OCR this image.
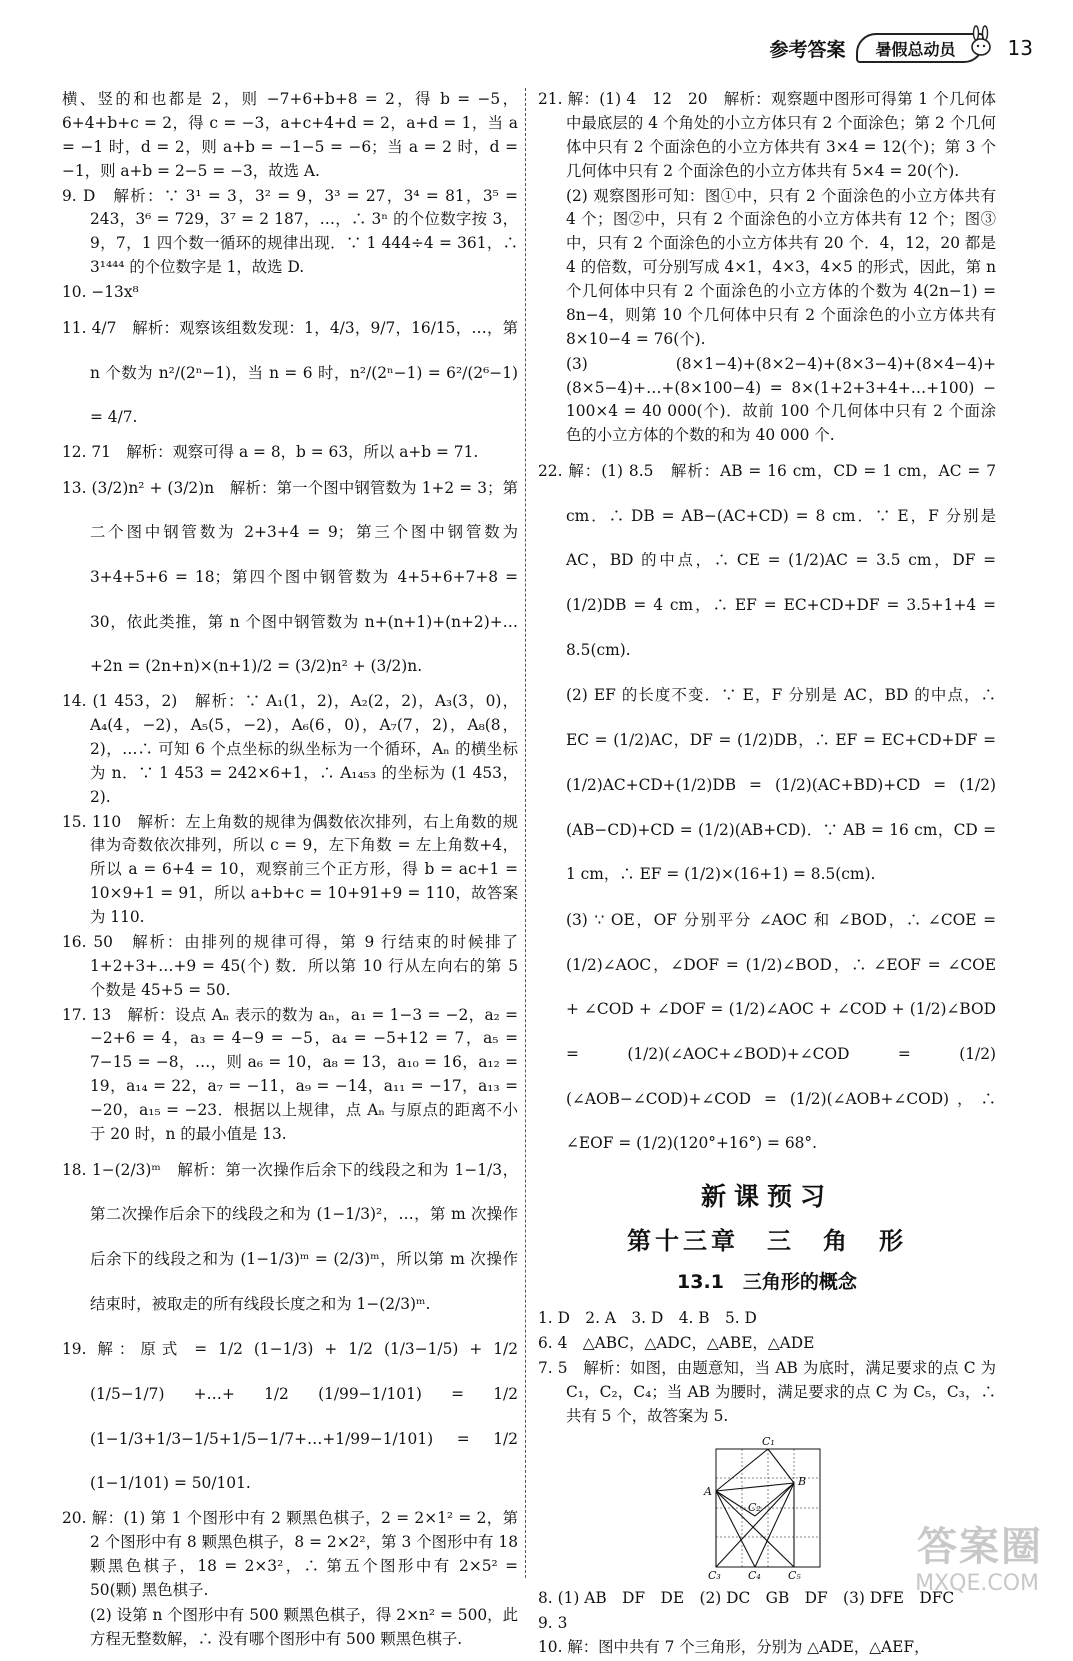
参考答案 暑假总动员	13

横、竖的和也都是 2，则 −7+6+b+8 = 2，得 b = −5，6+4+b+c = 2，得 c = −3，a+c+4+d = 2，a+d = 1，当 a = −1 时，d = 2，则 a+b = −1−5 = −6；当 a = 2 时，d = −1，则 a+b = 2−5 = −3，故选 A.

9. D　解析：∵ 3¹ = 3，3² = 9，3³ = 27，3⁴ = 81，3⁵ = 243，3⁶ = 729，3⁷ = 2 187，…，∴ 3ⁿ 的个位数字按 3，9，7，1 四个数一循环的规律出现．∵ 1 444÷4 = 361，∴ 3¹⁴⁴⁴ 的个位数字是 1，故选 D.

10. −13x⁸

11. 4/7　解析：观察该组数发现：1，4/3，9/7，16/15，…，第 n 个数为 n²/(2ⁿ−1)，当 n = 6 时，n²/(2ⁿ−1) = 6²/(2⁶−1) = 4/7.

12. 71　解析：观察可得 a = 8，b = 63，所以 a+b = 71.

13. (3/2)n² + (3/2)n　解析：第一个图中钢管数为 1+2 = 3；第二个图中钢管数为 2+3+4 = 9；第三个图中钢管数为 3+4+5+6 = 18；第四个图中钢管数为 4+5+6+7+8 = 30，依此类推，第 n 个图中钢管数为 n+(n+1)+(n+2)+…+2n = (2n+n)×(n+1)/2 = (3/2)n² + (3/2)n.

14. (1 453，2)　解析：∵ A₁(1，2)，A₂(2，2)，A₃(3，0)，A₄(4，−2)，A₅(5，−2)，A₆(6，0)，A₇(7，2)，A₈(8，2)，…∴ 可知 6 个点坐标的纵坐标为一个循环，Aₙ 的横坐标为 n．∵ 1 453 = 242×6+1，∴ A₁₄₅₃ 的坐标为 (1 453，2).

15. 110　解析：左上角数的规律为偶数依次排列，右上角数的规律为奇数依次排列，所以 c = 9，左下角数 = 左上角数+4，所以 a = 6+4 = 10，观察前三个正方形，得 b = ac+1 = 10×9+1 = 91，所以 a+b+c = 10+91+9 = 110，故答案为 110.

16. 50　解析：由排列的规律可得，第 9 行结束的时候排了 1+2+3+…+9 = 45(个) 数．所以第 10 行从左向右的第 5 个数是 45+5 = 50.

17. 13　解析：设点 Aₙ 表示的数为 aₙ，a₁ = 1−3 = −2，a₂ = −2+6 = 4，a₃ = 4−9 = −5，a₄ = −5+12 = 7，a₅ = 7−15 = −8，…，则 a₆ = 10，a₈ = 13，a₁₀ = 16，a₁₂ = 19，a₁₄ = 22，a₇ = −11，a₉ = −14，a₁₁ = −17，a₁₃ = −20，a₁₅ = −23．根据以上规律，点 Aₙ 与原点的距离不小于 20 时，n 的最小值是 13.

18. 1−(2/3)ᵐ　解析：第一次操作后余下的线段之和为 1−1/3，第二次操作后余下的线段之和为 (1−1/3)²，…，第 m 次操作后余下的线段之和为 (1−1/3)ᵐ = (2/3)ᵐ，所以第 m 次操作结束时，被取走的所有线段长度之和为 1−(2/3)ᵐ.

19. 解：原式 = 1/2 (1−1/3) + 1/2 (1/3−1/5) + 1/2 (1/5−1/7) +…+ 1/2 (1/99−1/101) = 1/2 (1−1/3+1/3−1/5+1/5−1/7+…+1/99−1/101) = 1/2 (1−1/101) = 50/101.

20. 解：(1) 第 1 个图形中有 2 颗黑色棋子，2 = 2×1² = 2，第 2 个图形中有 8 颗黑色棋子，8 = 2×2²，第 3 个图形中有 18 颗黑色棋子，18 = 2×3²，∴ 第五个图形中有 2×5² = 50(颗) 黑色棋子.

(2) 设第 n 个图形中有 500 颗黑色棋子，得 2×n² = 500，此方程无整数解，∴ 没有哪个图形中有 500 颗黑色棋子.

21. 解：(1) 4　12　20　解析：观察题中图形可得第 1 个几何体中最底层的 4 个角处的小立方体只有 2 个面涂色；第 2 个几何体中只有 2 个面涂色的小立方体共有 3×4 = 12(个)；第 3 个几何体中只有 2 个面涂色的小立方体共有 5×4 = 20(个).

(2) 观察图形可知：图①中，只有 2 个面涂色的小立方体共有 4 个；图②中，只有 2 个面涂色的小立方体共有 12 个；图③中，只有 2 个面涂色的小立方体共有 20 个．4，12，20 都是 4 的倍数，可分别写成 4×1，4×3，4×5 的形式，因此，第 n 个几何体中只有 2 个面涂色的小立方体的个数为 4(2n−1) = 8n−4，则第 10 个几何体中只有 2 个面涂色的小立方体共有 8×10−4 = 76(个).

(3) (8×1−4)+(8×2−4)+(8×3−4)+(8×4−4)+(8×5−4)+…+(8×100−4) = 8×(1+2+3+4+…+100) − 100×4 = 40 000(个)．故前 100 个几何体中只有 2 个面涂色的小立方体的个数的和为 40 000 个.

22. 解：(1) 8.5　解析：AB = 16 cm，CD = 1 cm，AC = 7 cm．∴ DB = AB−(AC+CD) = 8 cm．∵ E，F 分别是 AC，BD 的中点，∴ CE = (1/2)AC = 3.5 cm，DF = (1/2)DB = 4 cm，∴ EF = EC+CD+DF = 3.5+1+4 = 8.5(cm).

(2) EF 的长度不变．∵ E，F 分别是 AC，BD 的中点，∴ EC = (1/2)AC，DF = (1/2)DB，∴ EF = EC+CD+DF = (1/2)AC+CD+(1/2)DB = (1/2)(AC+BD)+CD = (1/2)(AB−CD)+CD = (1/2)(AB+CD)．∵ AB = 16 cm，CD = 1 cm，∴ EF = (1/2)×(16+1) = 8.5(cm).

(3) ∵ OE，OF 分别平分 ∠AOC 和 ∠BOD，∴ ∠COE = (1/2)∠AOC，∠DOF = (1/2)∠BOD，∴ ∠EOF = ∠COE + ∠COD + ∠DOF = (1/2)∠AOC + ∠COD + (1/2)∠BOD = (1/2)(∠AOC+∠BOD)+∠COD = (1/2)(∠AOB−∠COD)+∠COD = (1/2)(∠AOB+∠COD)，∴ ∠EOF = (1/2)(120°+16°) = 68°.

新课预习
第十三章　三　角　形
13.1　三角形的概念

1. D　2. A　3. D　4. B　5. D

6. 4　△ABC，△ADC，△ABE，△ADE

7. 5　解析：如图，由题意知，当 AB 为底时，满足要求的点 C 为 C₁，C₂，C₄；当 AB 为腰时，满足要求的点 C 为 C₅，C₃，∴ 共有 5 个，故答案为 5.

C₁
A
B
C₂
C₃ C₄ C₅

8. (1) AB　DF　DE　(2) DC　GB　DF　(3) DFE　DFC

9. 3

10. 解：图中共有 7 个三角形，分别为 △ADE，△AEF，

答案圈
MXQE.COM
